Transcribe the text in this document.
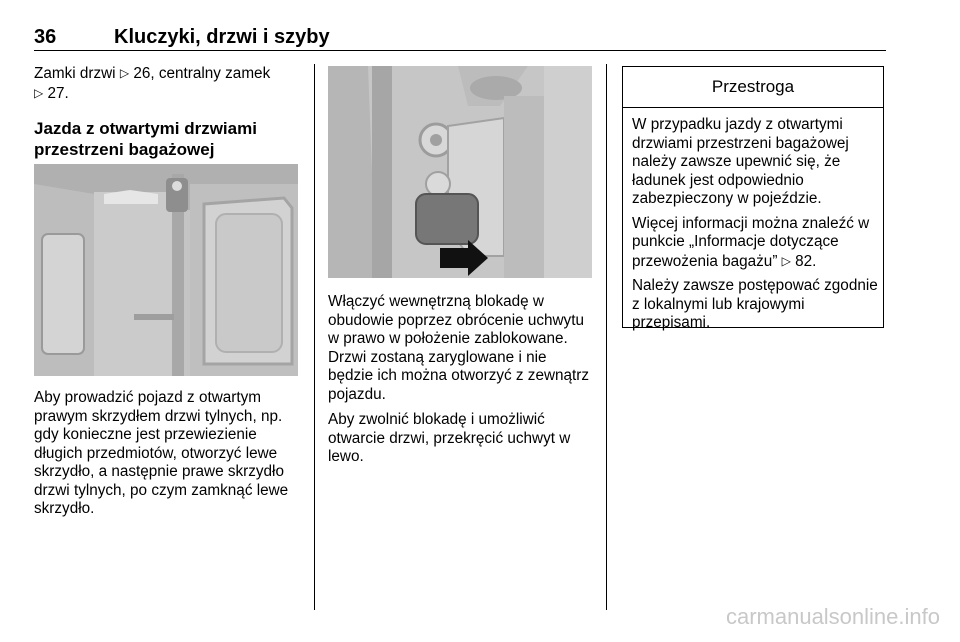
36	Kluczyki, drzwi i szyby

Zamki drzwi ▷ 26, centralny zamek
▷ 27.

Jazda z otwartymi drzwiami
przestrzeni bagażowej

Aby prowadzić pojazd z otwartym prawym skrzydłem drzwi tylnych, np. gdy konieczne jest przewiezienie długich przedmiotów, otworzyć lewe skrzydło, a następnie prawe skrzydło drzwi tylnych, po czym zamknąć lewe skrzydło.

Włączyć wewnętrzną blokadę w obudowie poprzez obrócenie uchwytu w prawo w położenie zablokowane. Drzwi zostaną zaryglowane i nie będzie ich można otworzyć z zewnątrz pojazdu.

Aby zwolnić blokadę i umożliwić otwarcie drzwi, przekręcić uchwyt w lewo.

Przestroga

W przypadku jazdy z otwartymi drzwiami przestrzeni bagażowej należy zawsze upewnić się, że ładunek jest odpowiednio zabezpieczony w pojeździe.

Więcej informacji można znaleźć w punkcie „Informacje dotyczące przewożenia bagażu” ▷ 82.

Należy zawsze postępować zgodnie z lokalnymi lub krajowymi przepisami.

carmanualsonline.info
